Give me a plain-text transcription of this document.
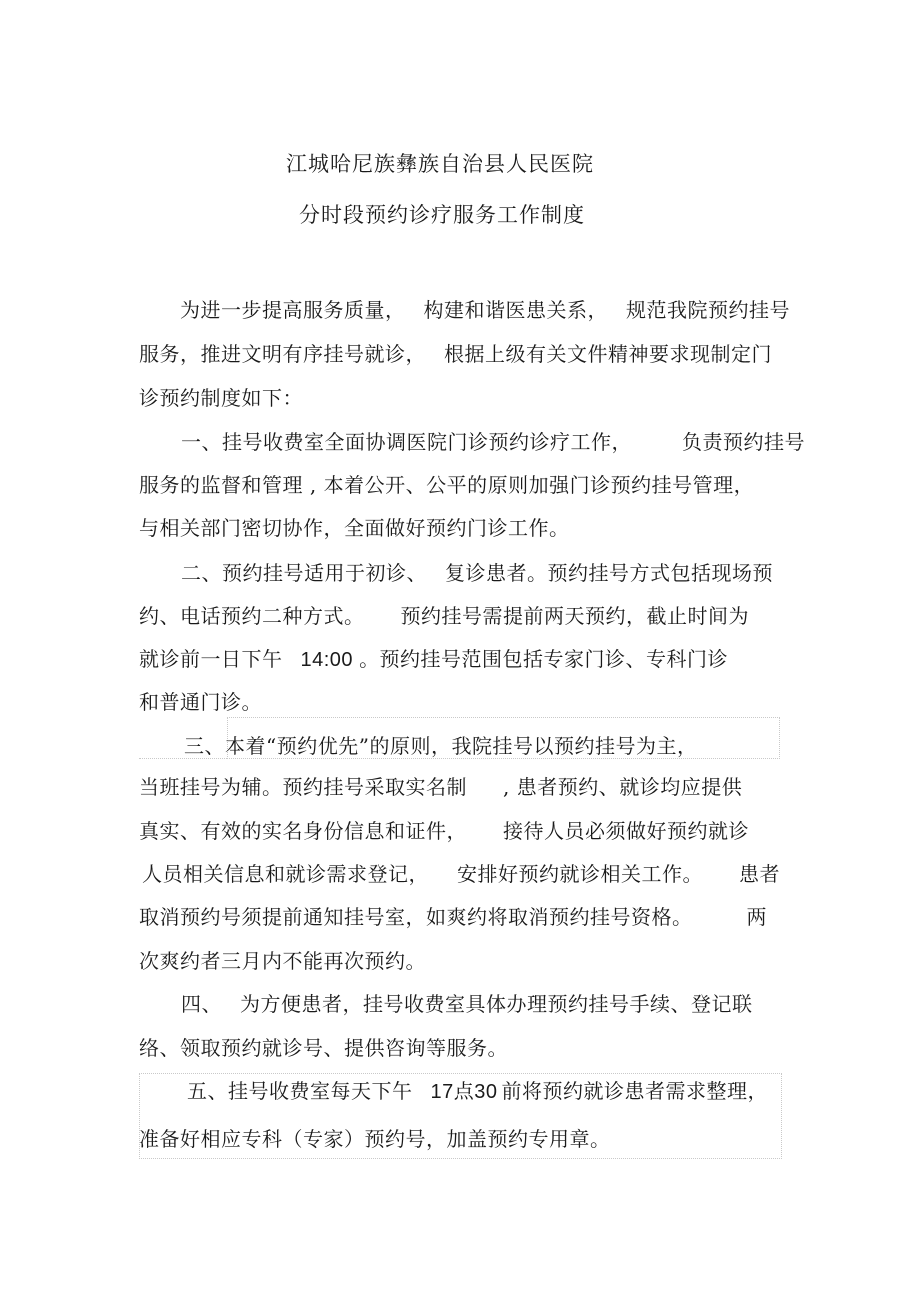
江城哈尼族彝族自治县人民医院
分时段预约诊疗服务工作制度
为进一步提高服务质量， 构建和谐医患关系， 规范我院预约挂号
服务，推进文明有序挂号就诊， 根据上级有关文件精神要求现制定门
诊预约制度如下：
一、挂号收费室全面协调医院门诊预约诊疗工作，	负责预约挂号
服务的监督和管理 , 本着公开、公平的原则加强门诊预约挂号管理，
与相关部门密切协作，全面做好预约门诊工作。
二、预约挂号适用于初诊、 复诊患者。预约挂号方式包括现场预
约、电话预约二种方式。 预约挂号需提前两天预约，截止时间为
就诊前一日下午 14:00 。预约挂号范围包括专家门诊、专科门诊
和普通门诊。
三、本着“预约优先”的原则，我院挂号以预约挂号为主，
当班挂号为辅。预约挂号采取实名制 , 患者预约、就诊均应提供
真实、有效的实名身份信息和证件， 接待人员必须做好预约就诊
人员相关信息和就诊需求登记， 安排好预约就诊相关工作。 患者
取消预约号须提前通知挂号室，如爽约将取消预约挂号资格。	两
次爽约者三月内不能再次预约。
四、 为方便患者，挂号收费室具体办理预约挂号手续、登记联
络、领取预约就诊号、提供咨询等服务。
五、挂号收费室每天下午 17点30 前将预约就诊患者需求整理，
准备好相应专科（专家）预约号，加盖预约专用章。
